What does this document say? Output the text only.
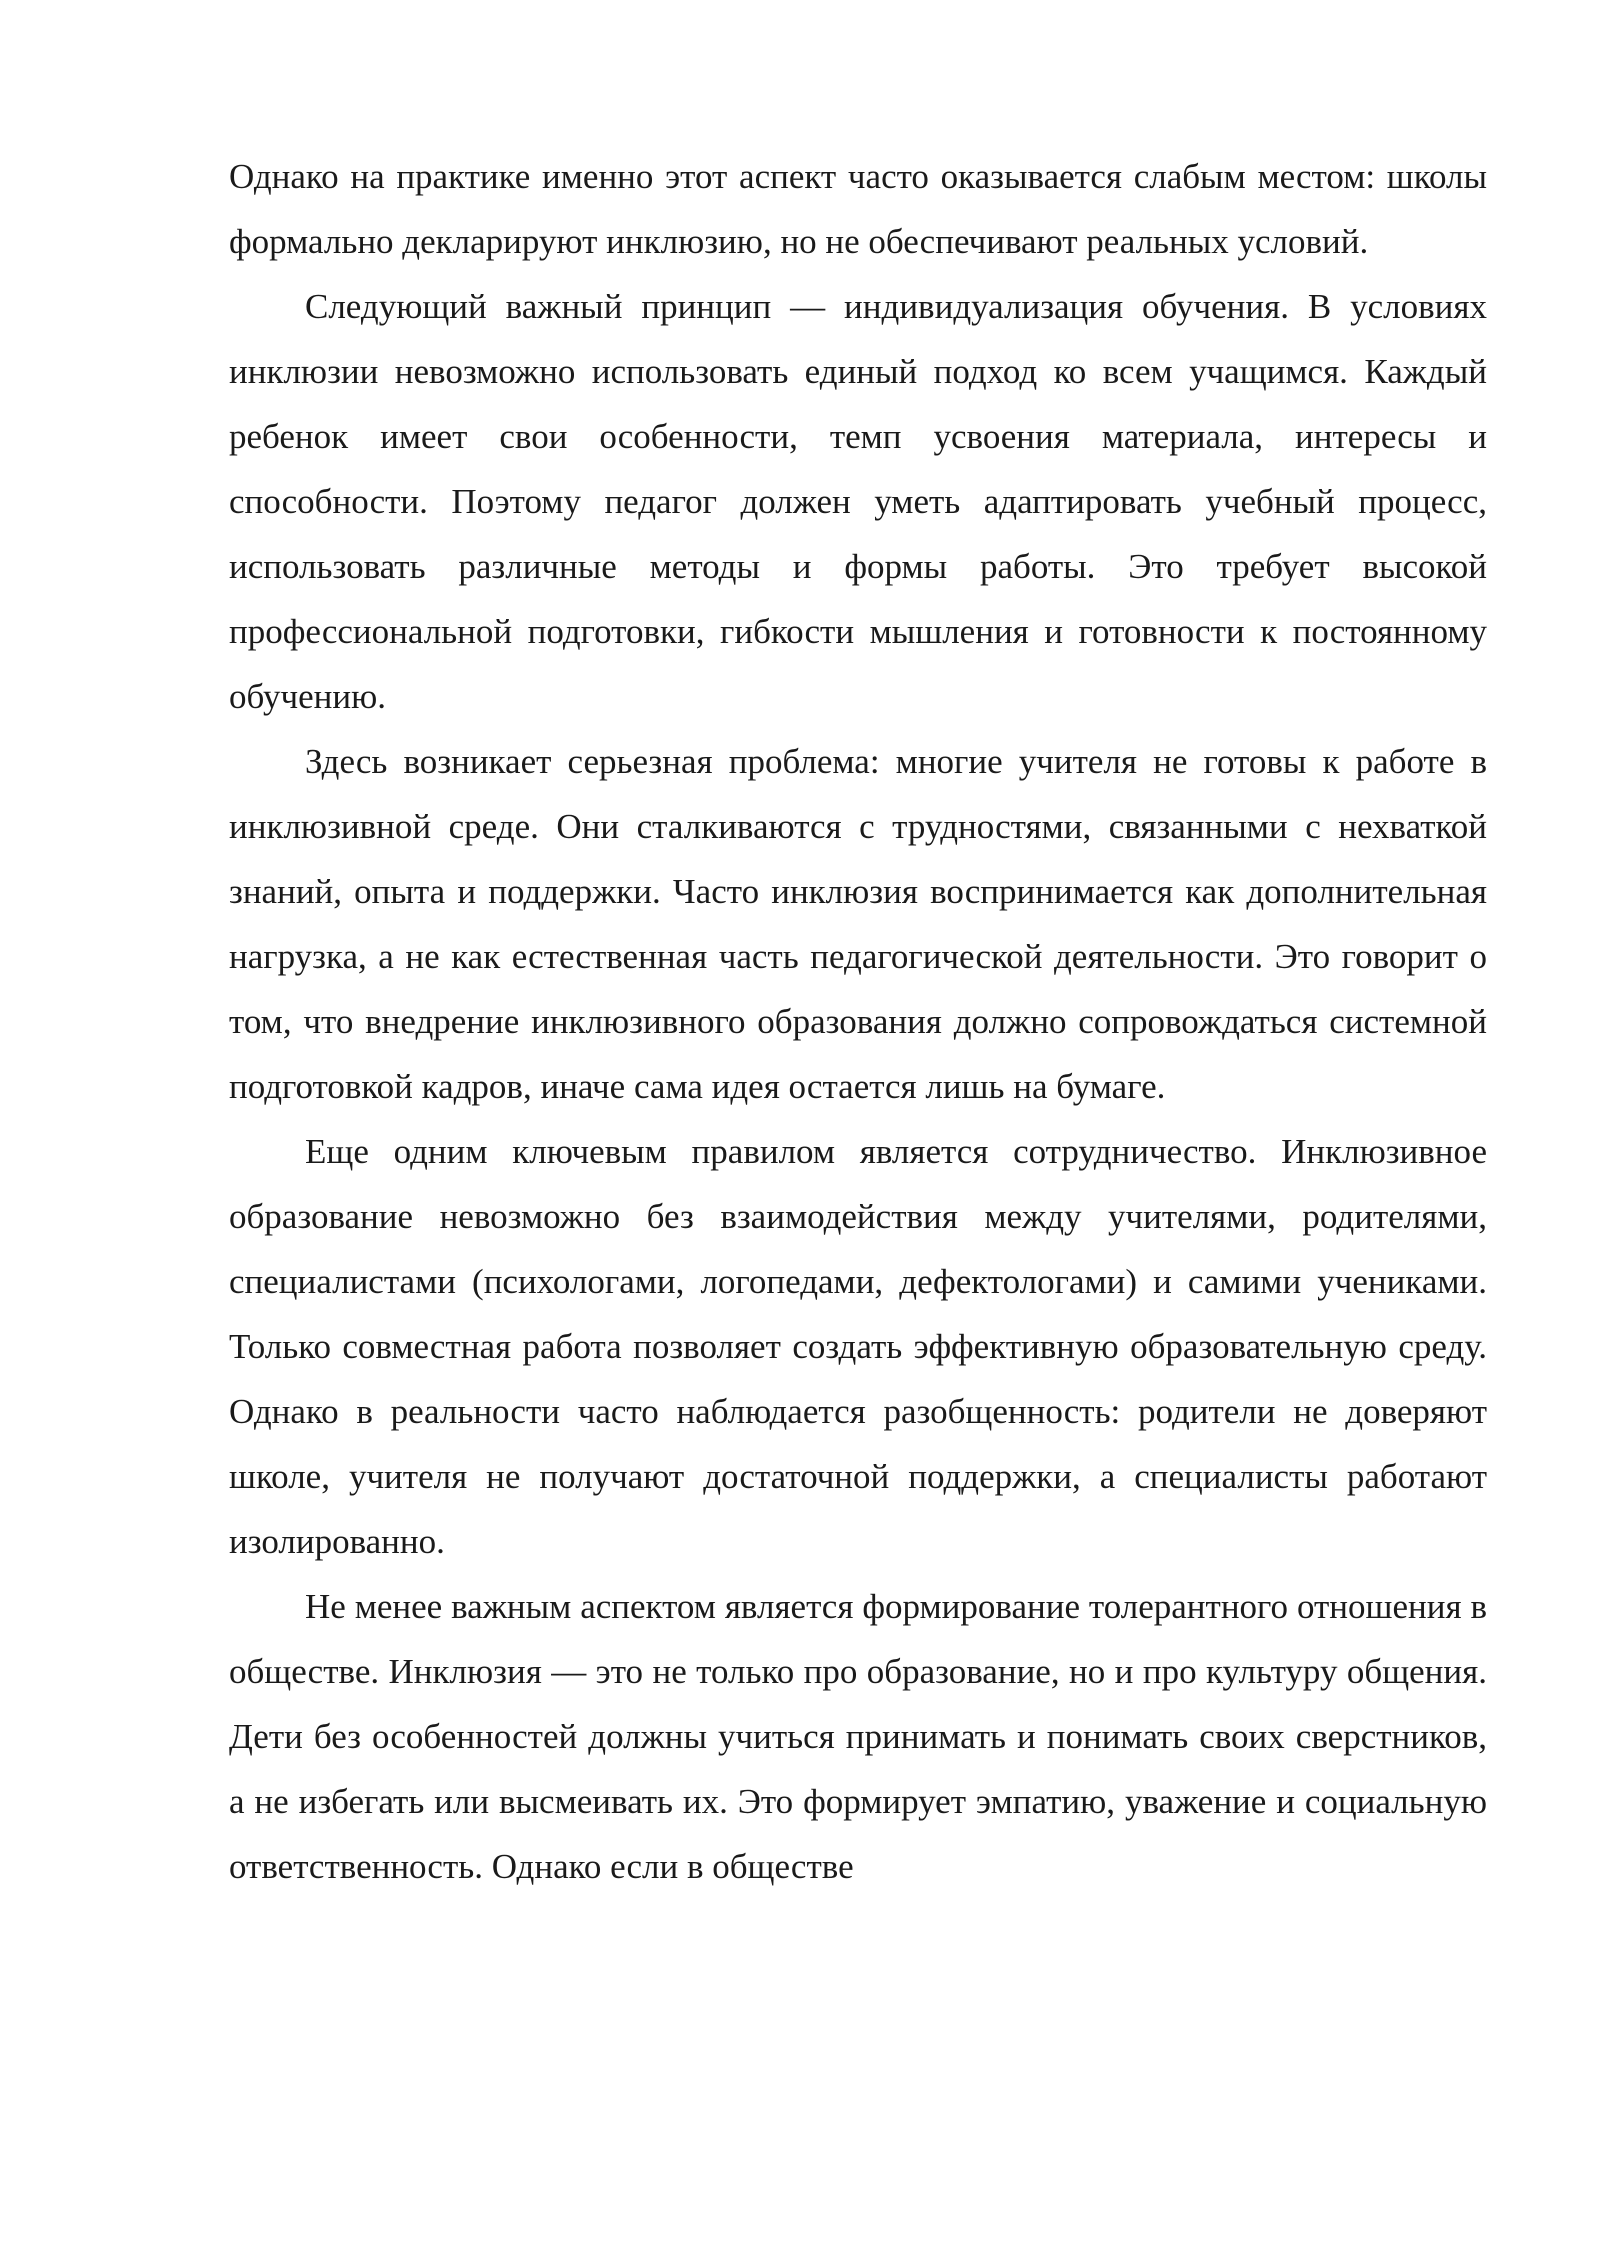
Однако на практике именно этот аспект часто оказывается слабым местом: школы формально декларируют инклюзию, но не обеспечивают реальных условий.

Следующий важный принцип — индивидуализация обучения. В условиях инклюзии невозможно использовать единый подход ко всем учащимся. Каждый ребенок имеет свои особенности, темп усвоения материала, интересы и способности. Поэтому педагог должен уметь адаптировать учебный процесс, использовать различные методы и формы работы. Это требует высокой профессиональной подготовки, гибкости мышления и готовности к постоянному обучению.

Здесь возникает серьезная проблема: многие учителя не готовы к работе в инклюзивной среде. Они сталкиваются с трудностями, связанными с нехваткой знаний, опыта и поддержки. Часто инклюзия воспринимается как дополнительная нагрузка, а не как естественная часть педагогической деятельности. Это говорит о том, что внедрение инклюзивного образования должно сопровождаться системной подготовкой кадров, иначе сама идея остается лишь на бумаге.

Еще одним ключевым правилом является сотрудничество. Инклюзивное образование невозможно без взаимодействия между учителями, родителями, специалистами (психологами, логопедами, дефектологами) и самими учениками. Только совместная работа позволяет создать эффективную образовательную среду. Однако в реальности часто наблюдается разобщенность: родители не доверяют школе, учителя не получают достаточной поддержки, а специалисты работают изолированно.

Не менее важным аспектом является формирование толерантного отношения в обществе. Инклюзия — это не только про образование, но и про культуру общения. Дети без особенностей должны учиться принимать и понимать своих сверстников, а не избегать или высмеивать их. Это формирует эмпатию, уважение и социальную ответственность. Однако если в обществе
